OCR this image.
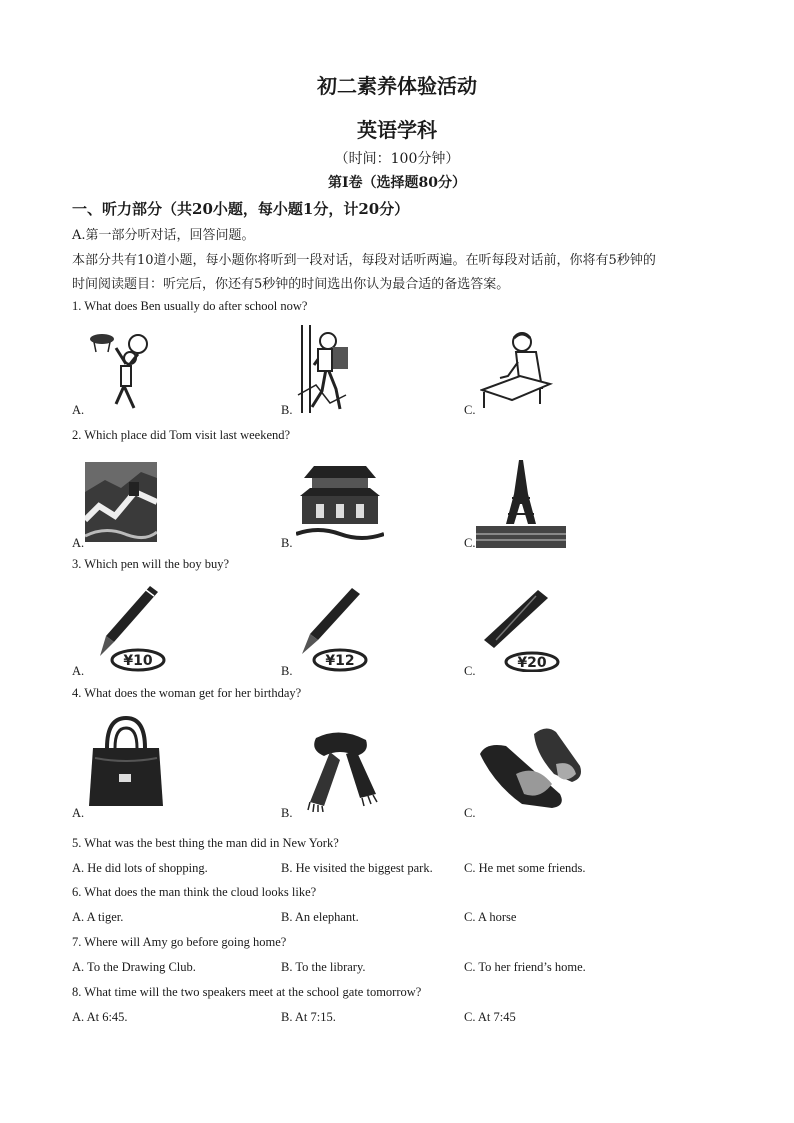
初二素养体验活动
英语学科
（时间：100分钟）
第Ⅰ卷（选择题80分）
一、听力部分（共20小题，每小题1分，计20分）
A.第一部分听对话，回答问题。
本部分共有10道小题，每小题你将听到一段对话，每段对话听两遍。在听每段对话前，你将有5秒钟的
时间阅读题目：听完后，你还有5秒钟的时间选出你认为最合适的备选答案。
1. What does Ben usually do after school now?
A.	B.	C.
2. Which place did Tom visit last weekend?
A.	B.	C.
3. Which pen will the boy buy?
¥10	¥12	¥20
A.	B.	C.
4. What does the woman get for her birthday?
A.	B.	C.
5. What was the best thing the man did in New York?
A. He did lots of shopping.	B. He visited the biggest park.	C. He met some friends.
6. What does the man think the cloud looks like?
A. A tiger.	B. An elephant.	C. A horse
7. Where will Amy go before going home?
A. To the Drawing Club.	B. To the library.	C. To her friend’s home.
8. What time will the two speakers meet at the school gate tomorrow?
A. At 6:45.	B. At 7:15.	C. At 7:45
